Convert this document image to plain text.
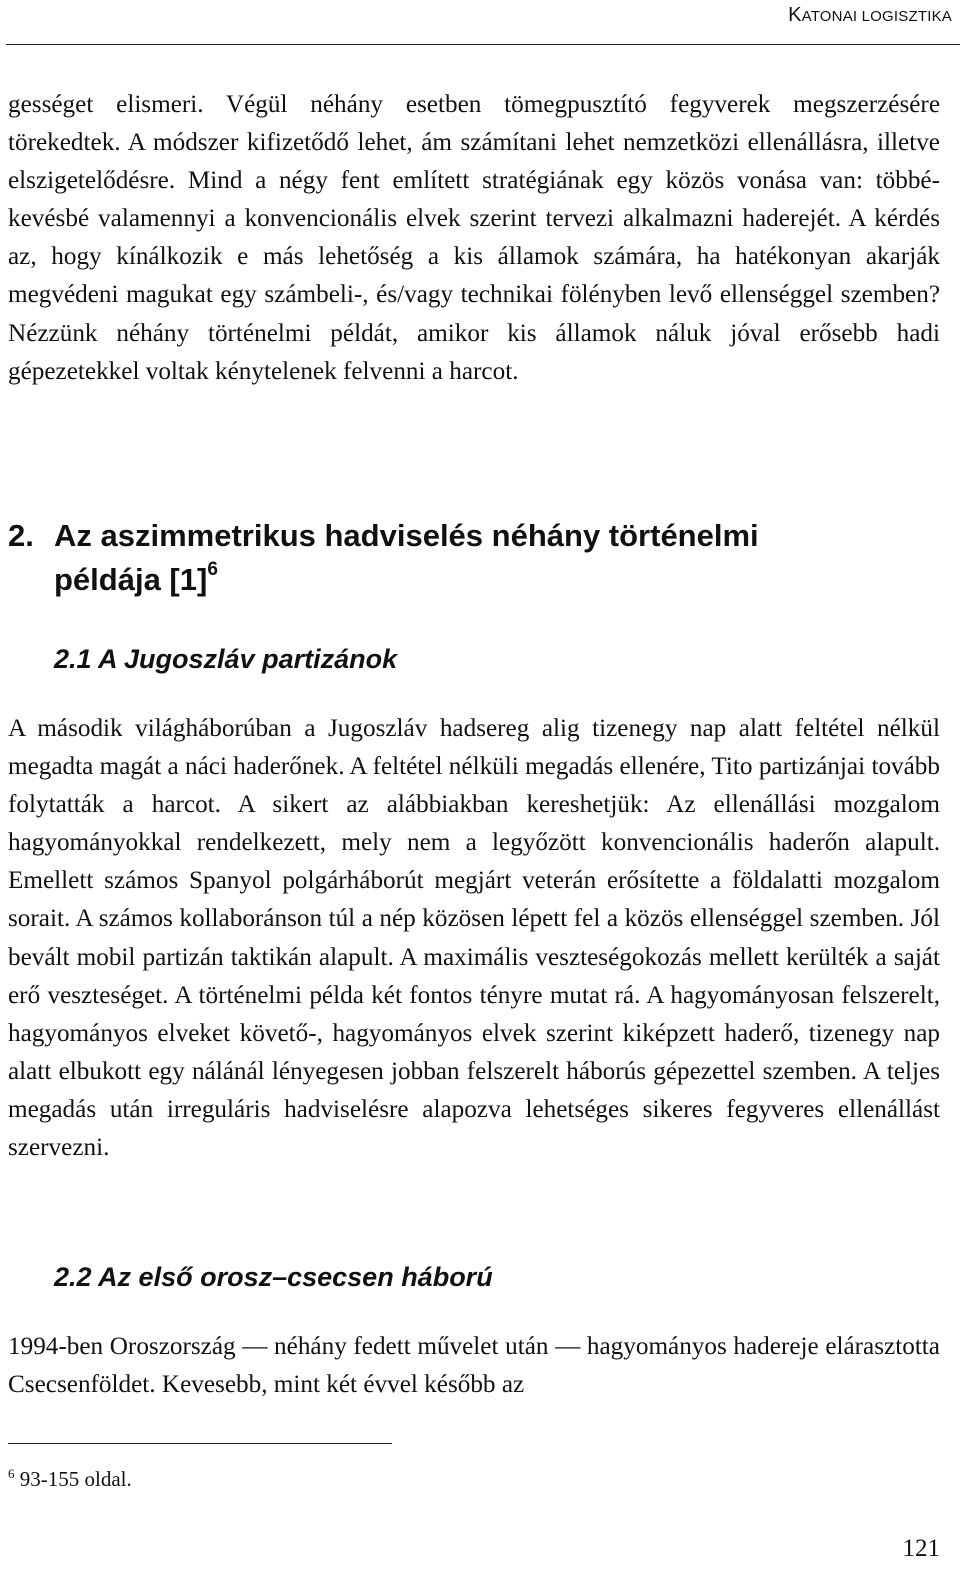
KATONAI LOGISZTIKA

gességet elismeri. Végül néhány esetben tömegpusztító fegyverek megszerzésére törekedtek. A módszer kifizetődő lehet, ám számítani lehet nemzetközi ellenállásra, illetve elszigetelődésre. Mind a négy fent említett stratégiának egy közös vonása van: többé-kevésbé valamennyi a konvencionális elvek szerint tervezi alkalmazni haderejét. A kérdés az, hogy kínálkozik e más lehetőség a kis államok számára, ha hatékonyan akarják megvédeni magukat egy számbeli-, és/vagy technikai fölényben levő ellenséggel szemben? Nézzünk néhány történelmi példát, amikor kis államok náluk jóval erősebb hadi gépezetekkel voltak kénytelenek felvenni a harcot.

2. Az aszimmetrikus hadviselés néhány történelmi
példája $[1]^6$
2.1 A Jugoszláv partizánok

A második világháborúban a Jugoszláv hadsereg alig tizenegy nap alatt feltétel nélkül megadta magát a náci haderőnek. A feltétel nélküli megadás ellenére, Tito partizánjai tovább folytatták a harcot. A sikert az alábbiakban kereshetjük: Az ellenállási mozgalom hagyományokkal rendelkezett, mely nem a legyőzött konvencionális haderőn alapult. Emellett számos Spanyol polgárháborút megjárt veterán erősítette a földalatti mozgalom sorait. A számos kollaboránson túl a nép közösen lépett fel a közös ellenséggel szemben. Jól bevált mobil partizán taktikán alapult. A maximális veszteségokozás mellett kerülték a saját erő veszteséget. A történelmi példa két fontos tényre mutat rá. A hagyományosan felszerelt, hagyományos elveket követő-, hagyományos elvek szerint kiképzett haderő, tizenegy nap alatt elbukott egy nálánál lényegesen jobban felszerelt háborús gépezettel szemben. A teljes megadás után irreguláris hadviselésre alapozva lehetséges sikeres fegyveres ellenállást szervezni.

2.2 Az első orosz–csecsen háború

1994-ben Oroszország — néhány fedett művelet után — hagyományos hadereje elárasztotta Csecsenföldet. Kevesebb, mint két évvel később az

$^6$ 93-155 oldal.

121
